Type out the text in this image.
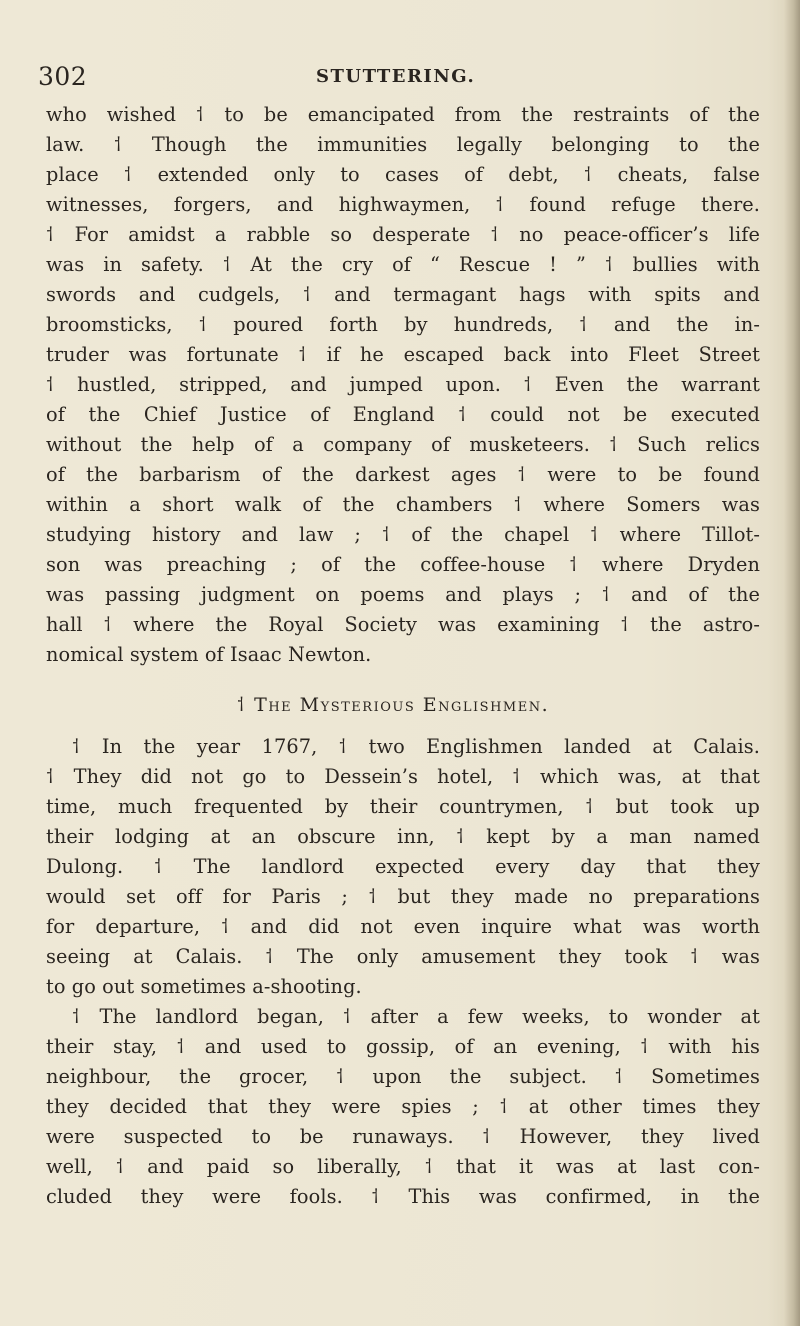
302	STUTTERING.
who wished ⸶ to be emancipated from the restraints of the
law. ⸶ Though the immunities legally belonging to the
place ⸶ extended only to cases of debt, ⸶ cheats, false
witnesses, forgers, and highwaymen, ⸶ found refuge there.
⸶ For amidst a rabble so desperate ⸶ no peace-officer’s life
was in safety. ⸶ At the cry of “ Rescue ! ” ⸶ bullies with
swords and cudgels, ⸶ and termagant hags with spits and
broomsticks, ⸶ poured forth by hundreds, ⸶ and the in-
truder was fortunate ⸶ if he escaped back into Fleet Street
⸶ hustled, stripped, and jumped upon. ⸶ Even the warrant
of the Chief Justice of England ⸶ could not be executed
without the help of a company of musketeers. ⸶ Such relics
of the barbarism of the darkest ages ⸶ were to be found
within a short walk of the chambers ⸶ where Somers was
studying history and law ; ⸶ of the chapel ⸶ where Tillot-
son was preaching ; of the coffee-house ⸶ where Dryden
was passing judgment on poems and plays ; ⸶ and of the
hall ⸶ where the Royal Society was examining ⸶ the astro-
nomical system of Isaac Newton.
⸶ The Mysterious Englishmen.
⸶ In the year 1767, ⸶ two Englishmen landed at Calais.
⸶ They did not go to Dessein’s hotel, ⸶ which was, at that
time, much frequented by their countrymen, ⸶ but took up
their lodging at an obscure inn, ⸶ kept by a man named
Dulong. ⸶ The landlord expected every day that they
would set off for Paris ; ⸶ but they made no preparations
for departure, ⸶ and did not even inquire what was worth
seeing at Calais. ⸶ The only amusement they took ⸶ was
to go out sometimes a-shooting.
⸶ The landlord began, ⸶ after a few weeks, to wonder at
their stay, ⸶ and used to gossip, of an evening, ⸶ with his
neighbour, the grocer, ⸶ upon the subject. ⸶ Sometimes
they decided that they were spies ; ⸶ at other times they
were suspected to be runaways. ⸶ However, they lived
well, ⸶ and paid so liberally, ⸶ that it was at last con-
cluded they were fools. ⸶ This was confirmed, in the
